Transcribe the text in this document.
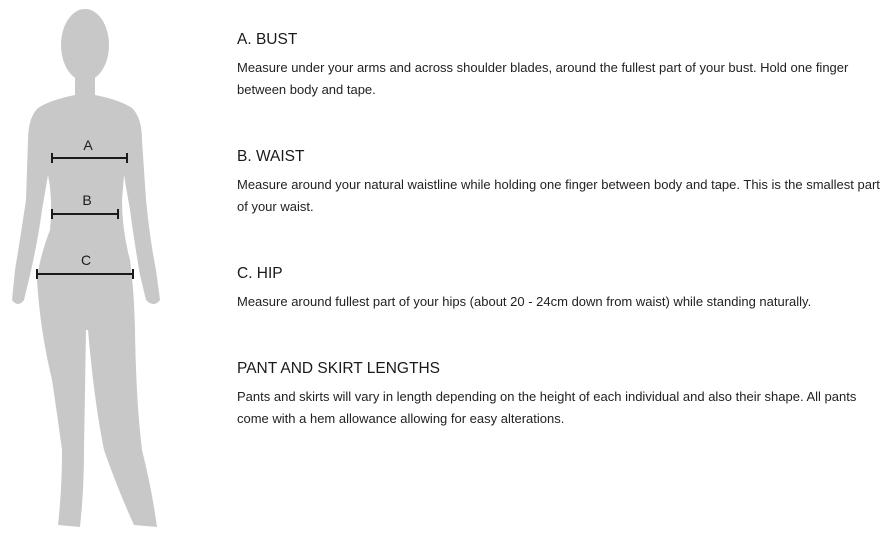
A
B
C
A. BUST

Measure under your arms and across shoulder blades, around the fullest part of your bust. Hold one finger between body and tape.

B. WAIST

Measure around your natural waistline while holding one finger between body and tape. This is the smallest part of your waist.

C. HIP

Measure around fullest part of your hips (about 20 - 24cm down from waist) while standing naturally.

PANT AND SKIRT LENGTHS

Pants and skirts will vary in length depending on the height of each individual and also their shape. All pants come with a hem allowance allowing for easy alterations.
